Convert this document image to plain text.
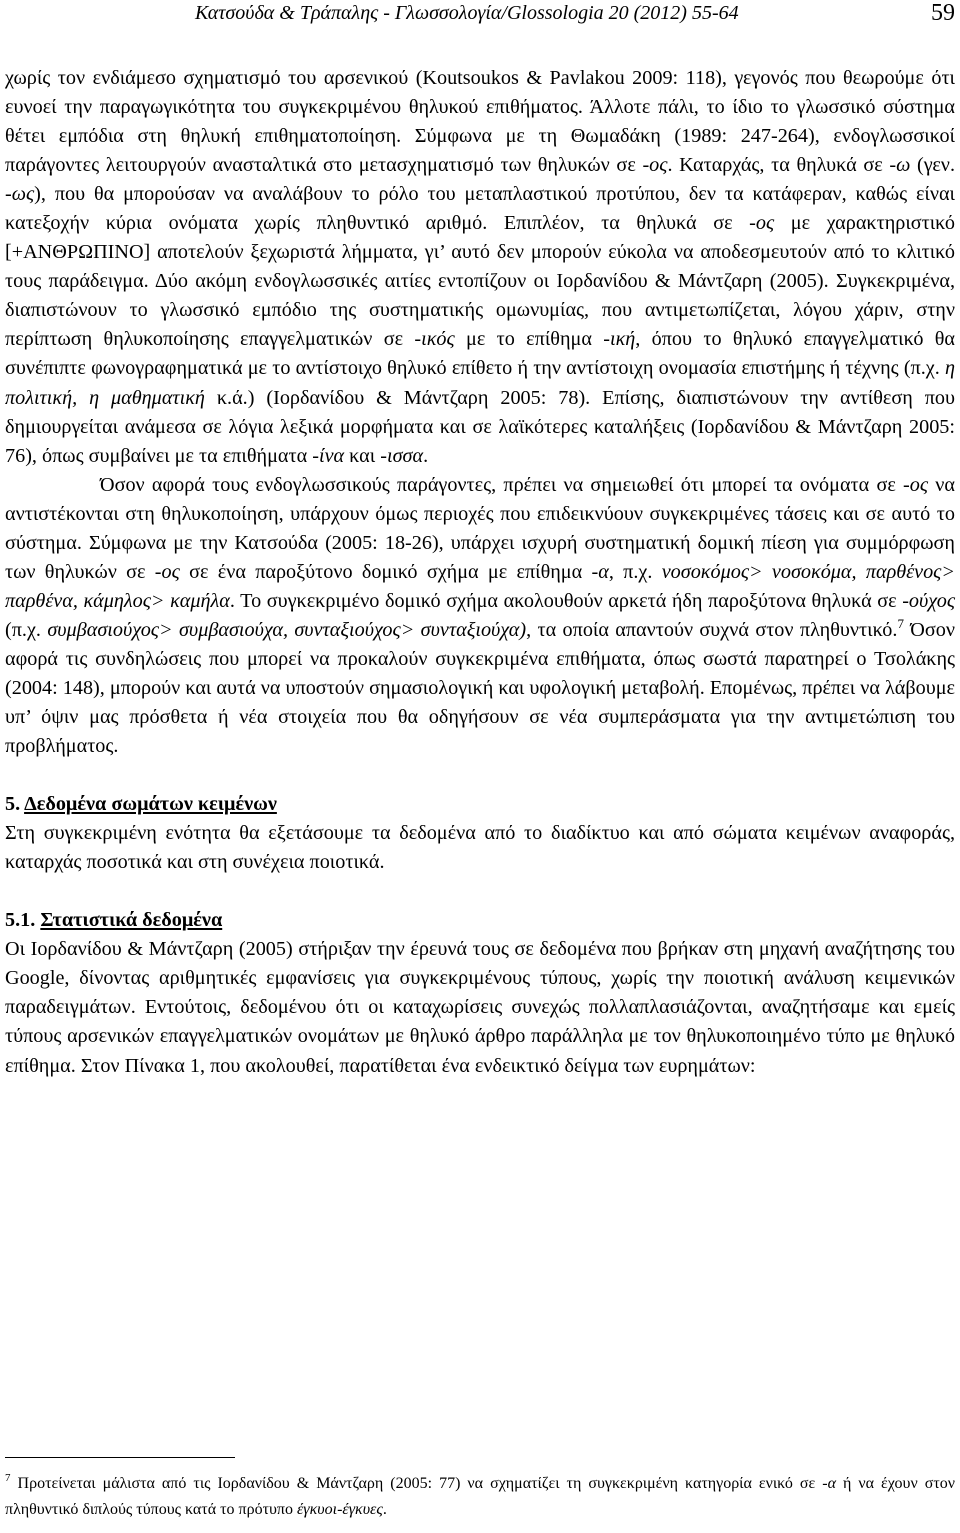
Κατσούδα & Τράπαλης - Γλωσσολογία/Glossologia 20 (2012) 55-64	59

χωρίς τον ενδιάμεσο σχηματισμό του αρσενικού (Koutsoukos & Pavlakou 2009: 118), γεγονός που θεωρούμε ότι ευνοεί την παραγωγικότητα του συγκεκριμένου θηλυκού επιθήματος. Άλλοτε πάλι, το ίδιο το γλωσσικό σύστημα θέτει εμπόδια στη θηλυκή επιθηματοποίηση. Σύμφωνα με τη Θωμαδάκη (1989: 247-264), ενδογλωσσικοί παράγοντες λειτουργούν ανασταλτικά στο μετασχηματισμό των θηλυκών σε -ος. Καταρχάς, τα θηλυκά σε -ω (γεν. -ως), που θα μπορούσαν να αναλάβουν το ρόλο του μεταπλαστικού προτύπου, δεν τα κατάφεραν, καθώς είναι κατεξοχήν κύρια ονόματα χωρίς πληθυντικό αριθμό. Επιπλέον, τα θηλυκά σε -ος με χαρακτηριστικό [+ΑΝΘΡΩΠΙΝΟ] αποτελούν ξεχωριστά λήμματα, γι’ αυτό δεν μπορούν εύκολα να αποδεσμευτούν από το κλιτικό τους παράδειγμα. Δύο ακόμη ενδογλωσσικές αιτίες εντοπίζουν οι Ιορδανίδου & Μάντζαρη (2005). Συγκεκριμένα, διαπιστώνουν το γλωσσικό εμπόδιο της συστηματικής ομωνυμίας, που αντιμετωπίζεται, λόγου χάριν, στην περίπτωση θηλυκοποίησης επαγγελματικών σε -ικός με το επίθημα -ική, όπου το θηλυκό επαγγελματικό θα συνέπιπτε φωνογραφηματικά με το αντίστοιχο θηλυκό επίθετο ή την αντίστοιχη ονομασία επιστήμης ή τέχνης (π.χ. η πολιτική, η μαθηματική κ.ά.) (Ιορδανίδου & Μάντζαρη 2005: 78). Επίσης, διαπιστώνουν την αντίθεση που δημιουργείται ανάμεσα σε λόγια λεξικά μορφήματα και σε λαϊκότερες καταλήξεις (Ιορδανίδου & Μάντζαρη 2005: 76), όπως συμβαίνει με τα επιθήματα -ίνα και -ισσα.

Όσον αφορά τους ενδογλωσσικούς παράγοντες, πρέπει να σημειωθεί ότι μπορεί τα ονόματα σε -ος να αντιστέκονται στη θηλυκοποίηση, υπάρχουν όμως περιοχές που επιδεικνύουν συγκεκριμένες τάσεις και σε αυτό το σύστημα. Σύμφωνα με την Κατσούδα (2005: 18-26), υπάρχει ισχυρή συστηματική δομική πίεση για συμμόρφωση των θηλυκών σε -ος σε ένα παροξύτονο δομικό σχήμα με επίθημα -α, π.χ. νοσοκόμος> νοσοκόμα, παρθένος> παρθένα, κάμηλος> καμήλα. Το συγκεκριμένο δομικό σχήμα ακολουθούν αρκετά ήδη παροξύτονα θηλυκά σε -ούχος (π.χ. συμβασιούχος> συμβασιούχα, συνταξιούχος> συνταξιούχα), τα οποία απαντούν συχνά στον πληθυντικό.$^7$ Όσον αφορά τις συνδηλώσεις που μπορεί να προκαλούν συγκεκριμένα επιθήματα, όπως σωστά παρατηρεί ο Τσολάκης (2004: 148), μπορούν και αυτά να υποστούν σημασιολογική και υφολογική μεταβολή. Επομένως, πρέπει να λάβουμε υπ’ όψιν μας πρόσθετα ή νέα στοιχεία που θα οδηγήσουν σε νέα συμπεράσματα για την αντιμετώπιση του προβλήματος.

5. Δεδομένα σωμάτων κειμένων

Στη συγκεκριμένη ενότητα θα εξετάσουμε τα δεδομένα από το διαδίκτυο και από σώματα κειμένων αναφοράς, καταρχάς ποσοτικά και στη συνέχεια ποιοτικά.

5.1. Στατιστικά δεδομένα

Οι Ιορδανίδου & Μάντζαρη (2005) στήριξαν την έρευνά τους σε δεδομένα που βρήκαν στη μηχανή αναζήτησης του Google, δίνοντας αριθμητικές εμφανίσεις για συγκεκριμένους τύπους, χωρίς την ποιοτική ανάλυση κειμενικών παραδειγμάτων. Εντούτοις, δεδομένου ότι οι καταχωρίσεις συνεχώς πολλαπλασιάζονται, αναζητήσαμε και εμείς τύπους αρσενικών επαγγελματικών ονομάτων με θηλυκό άρθρο παράλληλα με τον θηλυκοποιημένο τύπο με θηλυκό επίθημα. Στον Πίνακα 1, που ακολουθεί, παρατίθεται ένα ενδεικτικό δείγμα των ευρημάτων:

$^7$ Προτείνεται μάλιστα από τις Ιορδανίδου & Μάντζαρη (2005: 77) να σχηματίζει τη συγκεκριμένη κατηγορία ενικό σε -α ή να έχουν στον πληθυντικό διπλούς τύπους κατά το πρότυπο έγκυοι-έγκυες.
